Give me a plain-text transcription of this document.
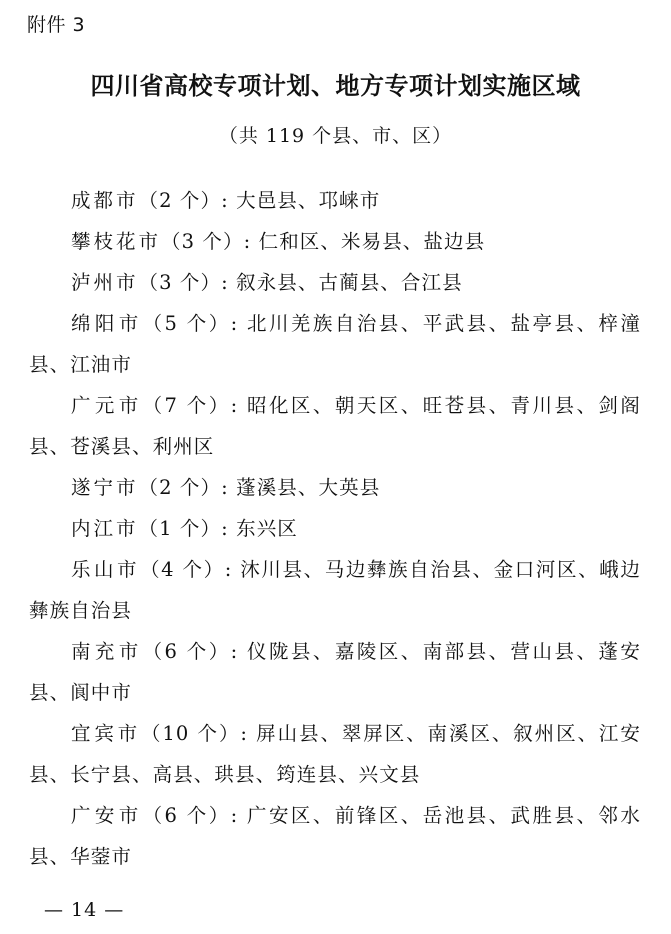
附件 3
四川省高校专项计划、地方专项计划实施区域
（共 119 个县、市、区）

成都市（2 个）: 大邑县、邛崃市

攀枝花市（3 个）: 仁和区、米易县、盐边县

泸州市（3 个）: 叙永县、古蔺县、合江县

绵阳市（5 个）: 北川羌族自治县、平武县、盐亭县、梓潼县、江油市

广元市（7 个）: 昭化区、朝天区、旺苍县、青川县、剑阁县、苍溪县、利州区

遂宁市（2 个）: 蓬溪县、大英县

内江市（1 个）: 东兴区

乐山市（4 个）: 沐川县、马边彝族自治县、金口河区、峨边彝族自治县

南充市（6 个）: 仪陇县、嘉陵区、南部县、营山县、蓬安县、阆中市

宜宾市（10 个）: 屏山县、翠屏区、南溪区、叙州区、江安县、长宁县、高县、珙县、筠连县、兴文县

广安市（6 个）: 广安区、前锋区、岳池县、武胜县、邻水县、华蓥市

— 14 —
